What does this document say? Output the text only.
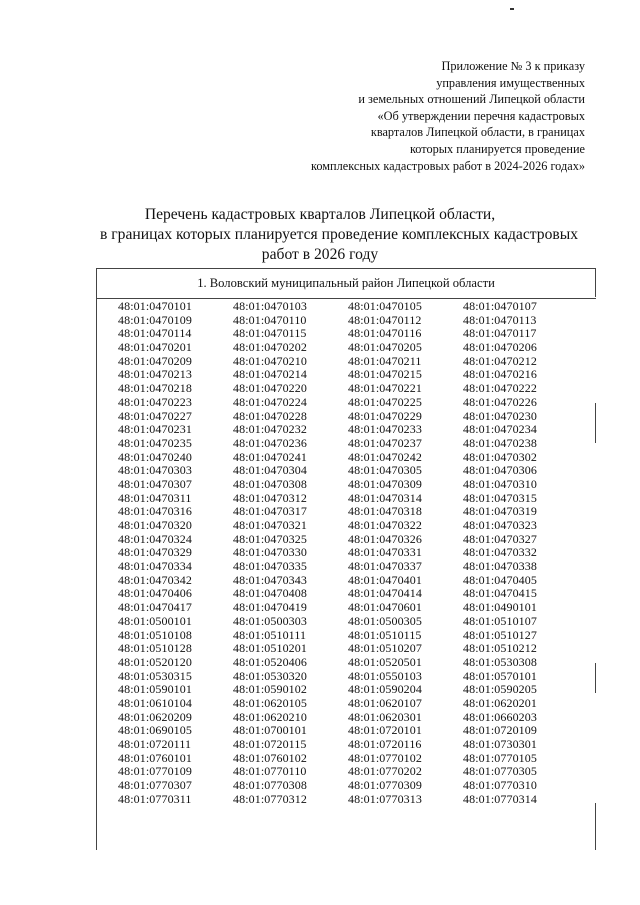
Приложение № 3 к приказу
управления имущественных
и земельных отношений Липецкой области
«Об утверждении перечня кадастровых
кварталов Липецкой области, в границах
которых планируется проведение
комплексных кадастровых работ в 2024-2026 годах»
Перечень кадастровых кварталов Липецкой области,
в границах которых планируется проведение комплексных кадастровых
работ в 2026 году
1. Воловский муниципальный район Липецкой области
48:01:0470101	48:01:0470103	48:01:0470105	48:01:0470107
48:01:0470109	48:01:0470110	48:01:0470112	48:01:0470113
48:01:0470114	48:01:0470115	48:01:0470116	48:01:0470117
48:01:0470201	48:01:0470202	48:01:0470205	48:01:0470206
48:01:0470209	48:01:0470210	48:01:0470211	48:01:0470212
48:01:0470213	48:01:0470214	48:01:0470215	48:01:0470216
48:01:0470218	48:01:0470220	48:01:0470221	48:01:0470222
48:01:0470223	48:01:0470224	48:01:0470225	48:01:0470226
48:01:0470227	48:01:0470228	48:01:0470229	48:01:0470230
48:01:0470231	48:01:0470232	48:01:0470233	48:01:0470234
48:01:0470235	48:01:0470236	48:01:0470237	48:01:0470238
48:01:0470240	48:01:0470241	48:01:0470242	48:01:0470302
48:01:0470303	48:01:0470304	48:01:0470305	48:01:0470306
48:01:0470307	48:01:0470308	48:01:0470309	48:01:0470310
48:01:0470311	48:01:0470312	48:01:0470314	48:01:0470315
48:01:0470316	48:01:0470317	48:01:0470318	48:01:0470319
48:01:0470320	48:01:0470321	48:01:0470322	48:01:0470323
48:01:0470324	48:01:0470325	48:01:0470326	48:01:0470327
48:01:0470329	48:01:0470330	48:01:0470331	48:01:0470332
48:01:0470334	48:01:0470335	48:01:0470337	48:01:0470338
48:01:0470342	48:01:0470343	48:01:0470401	48:01:0470405
48:01:0470406	48:01:0470408	48:01:0470414	48:01:0470415
48:01:0470417	48:01:0470419	48:01:0470601	48:01:0490101
48:01:0500101	48:01:0500303	48:01:0500305	48:01:0510107
48:01:0510108	48:01:0510111	48:01:0510115	48:01:0510127
48:01:0510128	48:01:0510201	48:01:0510207	48:01:0510212
48:01:0520120	48:01:0520406	48:01:0520501	48:01:0530308
48:01:0530315	48:01:0530320	48:01:0550103	48:01:0570101
48:01:0590101	48:01:0590102	48:01:0590204	48:01:0590205
48:01:0610104	48:01:0620105	48:01:0620107	48:01:0620201
48:01:0620209	48:01:0620210	48:01:0620301	48:01:0660203
48:01:0690105	48:01:0700101	48:01:0720101	48:01:0720109
48:01:0720111	48:01:0720115	48:01:0720116	48:01:0730301
48:01:0760101	48:01:0760102	48:01:0770102	48:01:0770105
48:01:0770109	48:01:0770110	48:01:0770202	48:01:0770305
48:01:0770307	48:01:0770308	48:01:0770309	48:01:0770310
48:01:0770311	48:01:0770312	48:01:0770313	48:01:0770314
